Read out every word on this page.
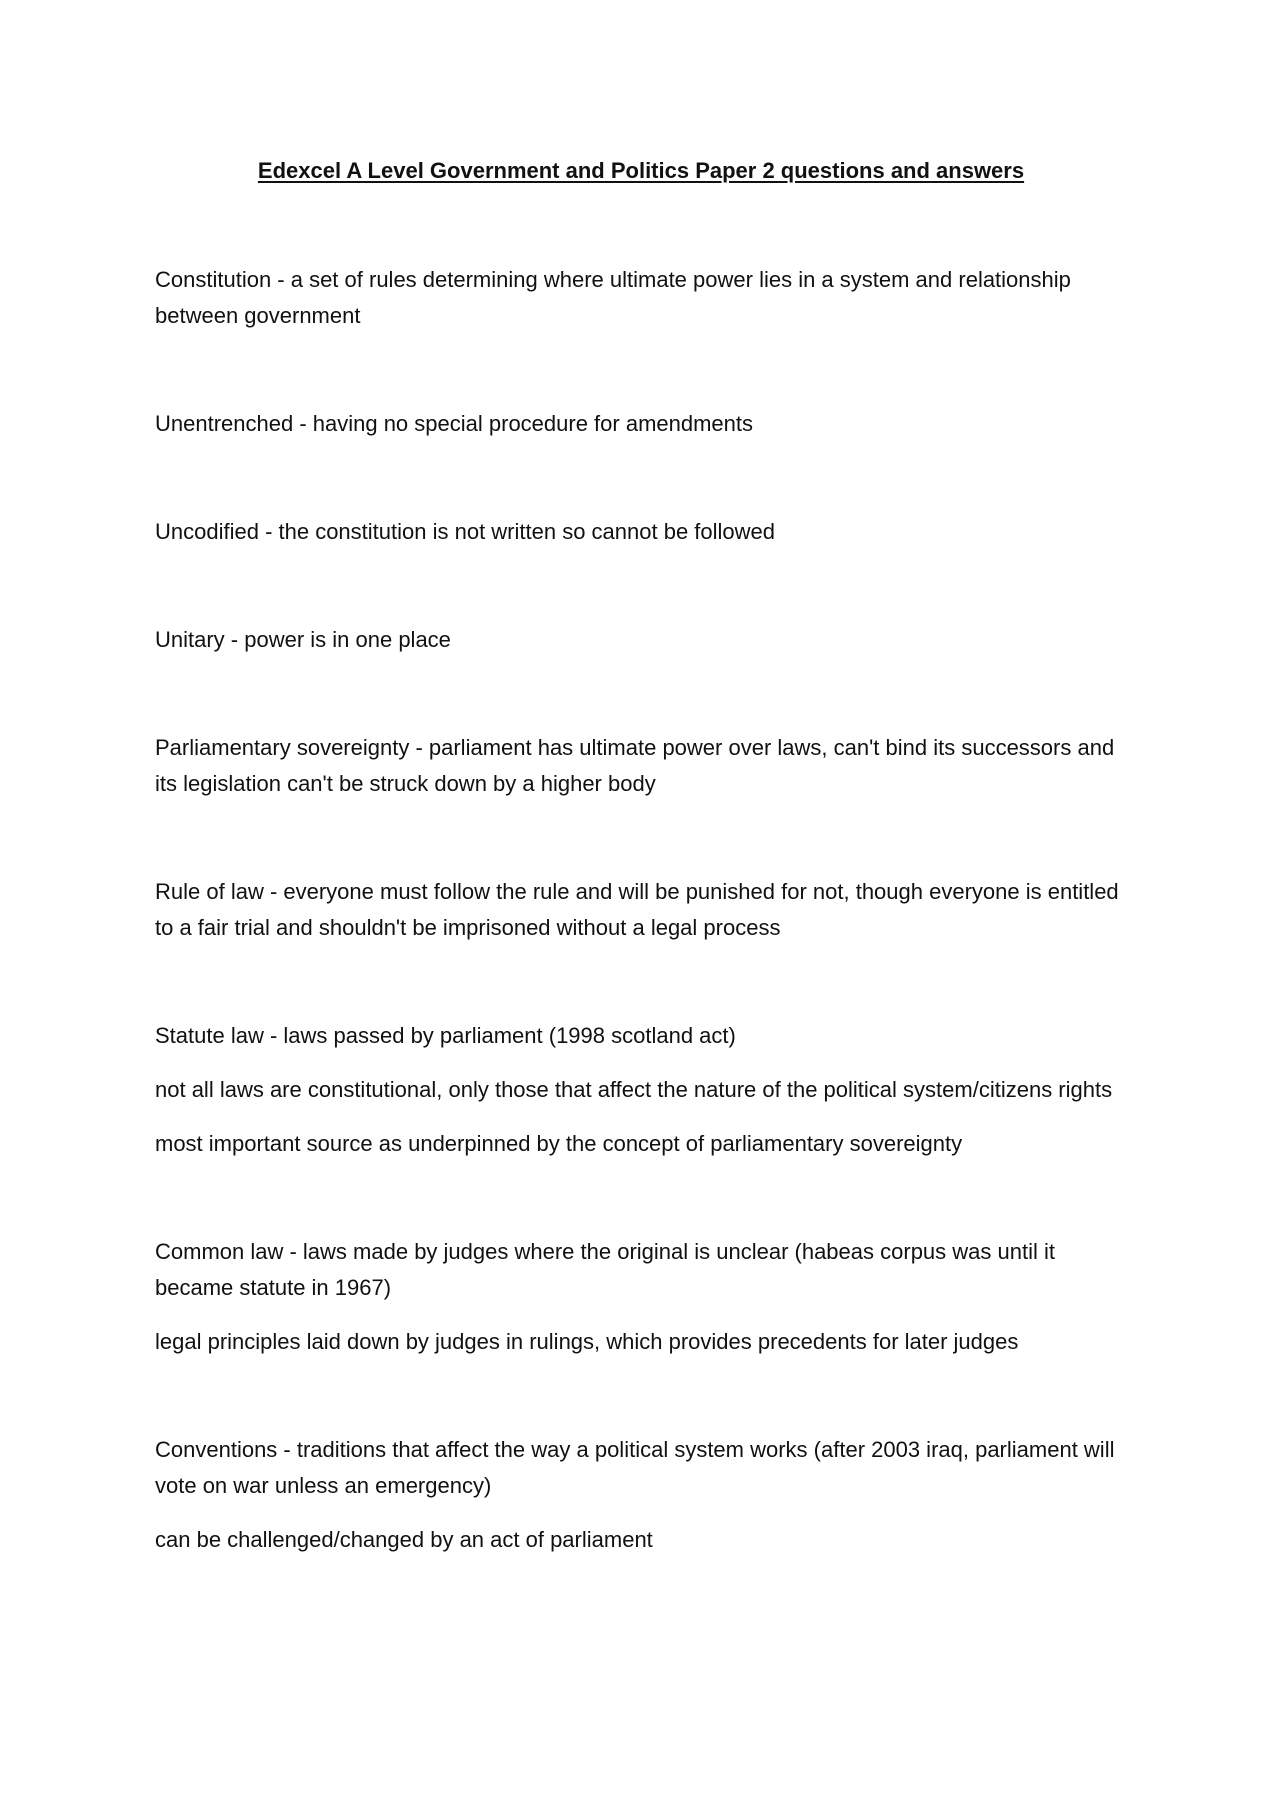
Edexcel A Level Government and Politics Paper 2 questions and answers

Constitution - a set of rules determining where ultimate power lies in a system and relationship between government

Unentrenched - having no special procedure for amendments

Uncodified - the constitution is not written so cannot be followed

Unitary - power is in one place

Parliamentary sovereignty - parliament has ultimate power over laws, can't bind its successors and its legislation can't be struck down by a higher body

Rule of law - everyone must follow the rule and will be punished for not, though everyone is entitled to a fair trial and shouldn't be imprisoned without a legal process

Statute law - laws passed by parliament (1998 scotland act)

not all laws are constitutional, only those that affect the nature of the political system/citizens rights

most important source as underpinned by the concept of parliamentary sovereignty

Common law - laws made by judges where the original is unclear (habeas corpus was until it became statute in 1967)

legal principles laid down by judges in rulings, which provides precedents for later judges

Conventions - traditions that affect the way a political system works (after 2003 iraq, parliament will vote on war unless an emergency)

can be challenged/changed by an act of parliament
